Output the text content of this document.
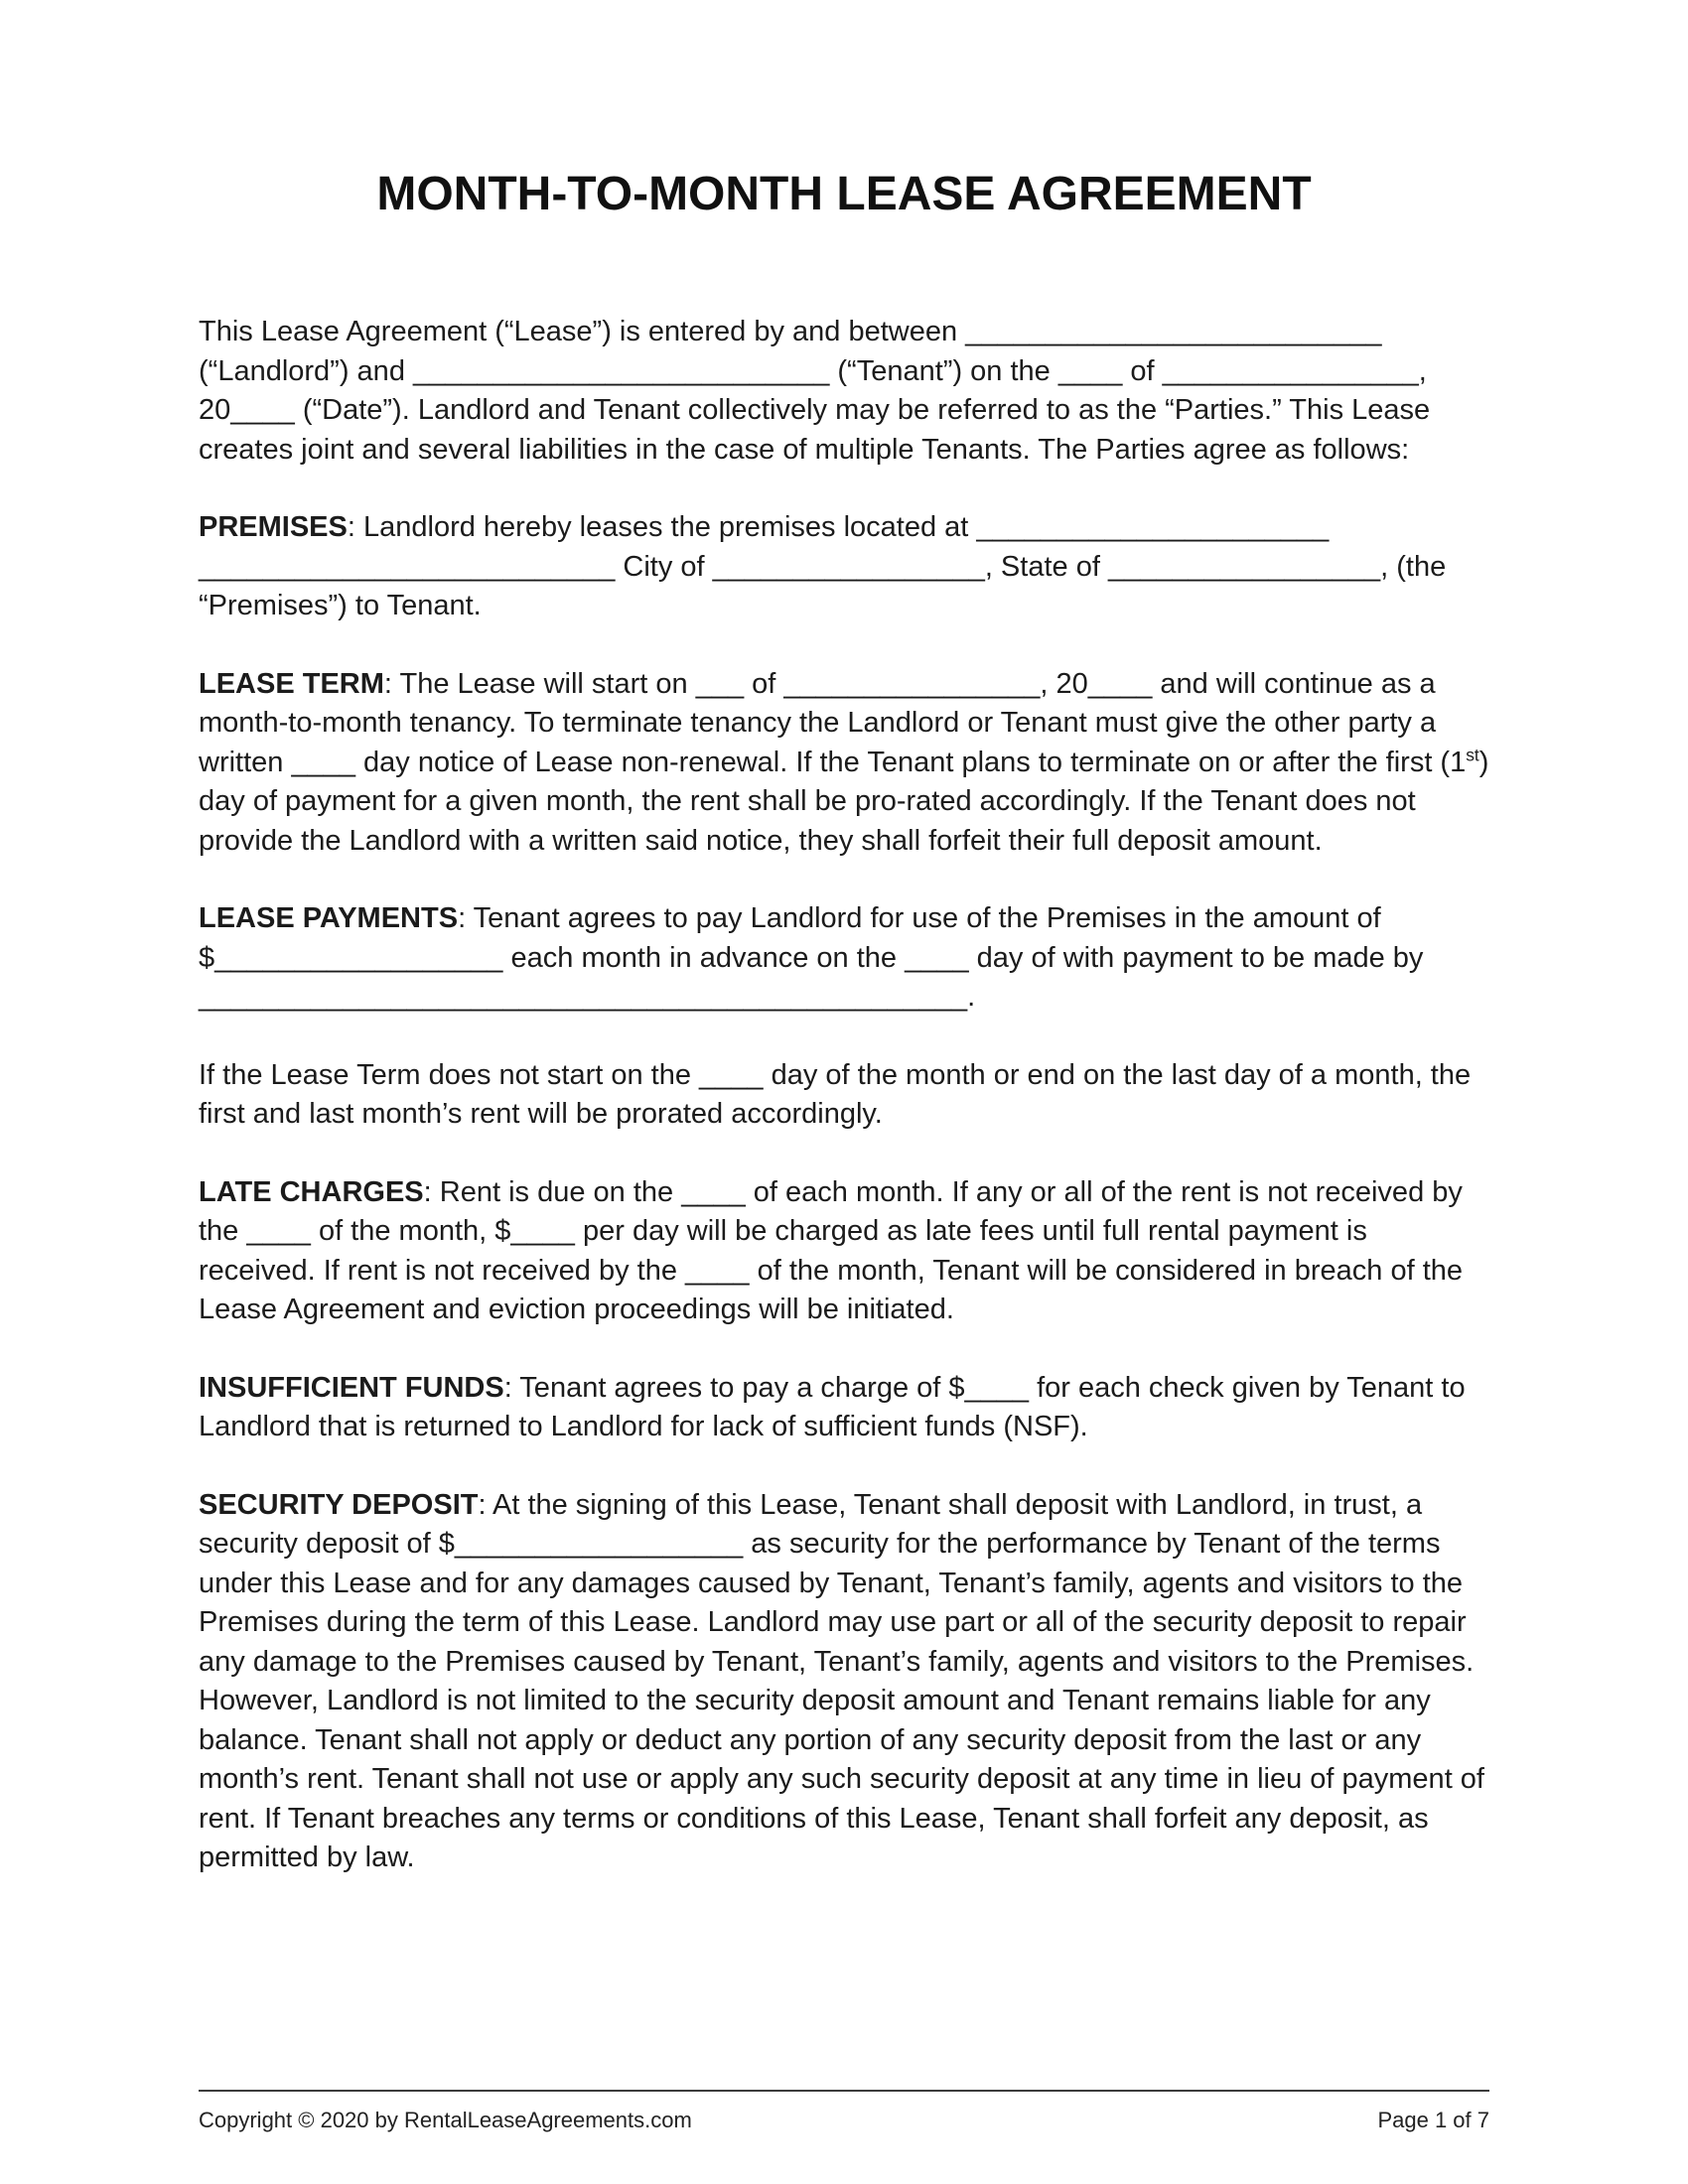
MONTH-TO-MONTH LEASE AGREEMENT

This Lease Agreement (“Lease”) is entered by and between __________________________ (“Landlord”) and __________________________ (“Tenant”) on the ____ of ________________, 20____ (“Date”). Landlord and Tenant collectively may be referred to as the “Parties.” This Lease creates joint and several liabilities in the case of multiple Tenants. The Parties agree as follows:

PREMISES: Landlord hereby leases the premises located at ______________________ __________________________ City of _________________, State of _________________, (the “Premises”) to Tenant.

LEASE TERM: The Lease will start on ___ of ________________, 20____ and will continue as a month-to-month tenancy. To terminate tenancy the Landlord or Tenant must give the other party a written ____ day notice of Lease non-renewal. If the Tenant plans to terminate on or after the first (1st) day of payment for a given month, the rent shall be pro-rated accordingly. If the Tenant does not provide the Landlord with a written said notice, they shall forfeit their full deposit amount.

LEASE PAYMENTS: Tenant agrees to pay Landlord for use of the Premises in the amount of $__________________ each month in advance on the ____ day of with payment to be made by ________________________________________________.

If the Lease Term does not start on the ____ day of the month or end on the last day of a month, the first and last month’s rent will be prorated accordingly.

LATE CHARGES: Rent is due on the ____ of each month. If any or all of the rent is not received by the ____ of the month, $____ per day will be charged as late fees until full rental payment is received. If rent is not received by the ____ of the month, Tenant will be considered in breach of the Lease Agreement and eviction proceedings will be initiated.

INSUFFICIENT FUNDS: Tenant agrees to pay a charge of $____ for each check given by Tenant to Landlord that is returned to Landlord for lack of sufficient funds (NSF).

SECURITY DEPOSIT: At the signing of this Lease, Tenant shall deposit with Landlord, in trust, a security deposit of $__________________ as security for the performance by Tenant of the terms under this Lease and for any damages caused by Tenant, Tenant’s family, agents and visitors to the Premises during the term of this Lease. Landlord may use part or all of the security deposit to repair any damage to the Premises caused by Tenant, Tenant’s family, agents and visitors to the Premises. However, Landlord is not limited to the security deposit amount and Tenant remains liable for any balance. Tenant shall not apply or deduct any portion of any security deposit from the last or any month’s rent. Tenant shall not use or apply any such security deposit at any time in lieu of payment of rent. If Tenant breaches any terms or conditions of this Lease, Tenant shall forfeit any deposit, as permitted by law.

Copyright © 2020 by RentalLeaseAgreements.com	Page 1 of 7
